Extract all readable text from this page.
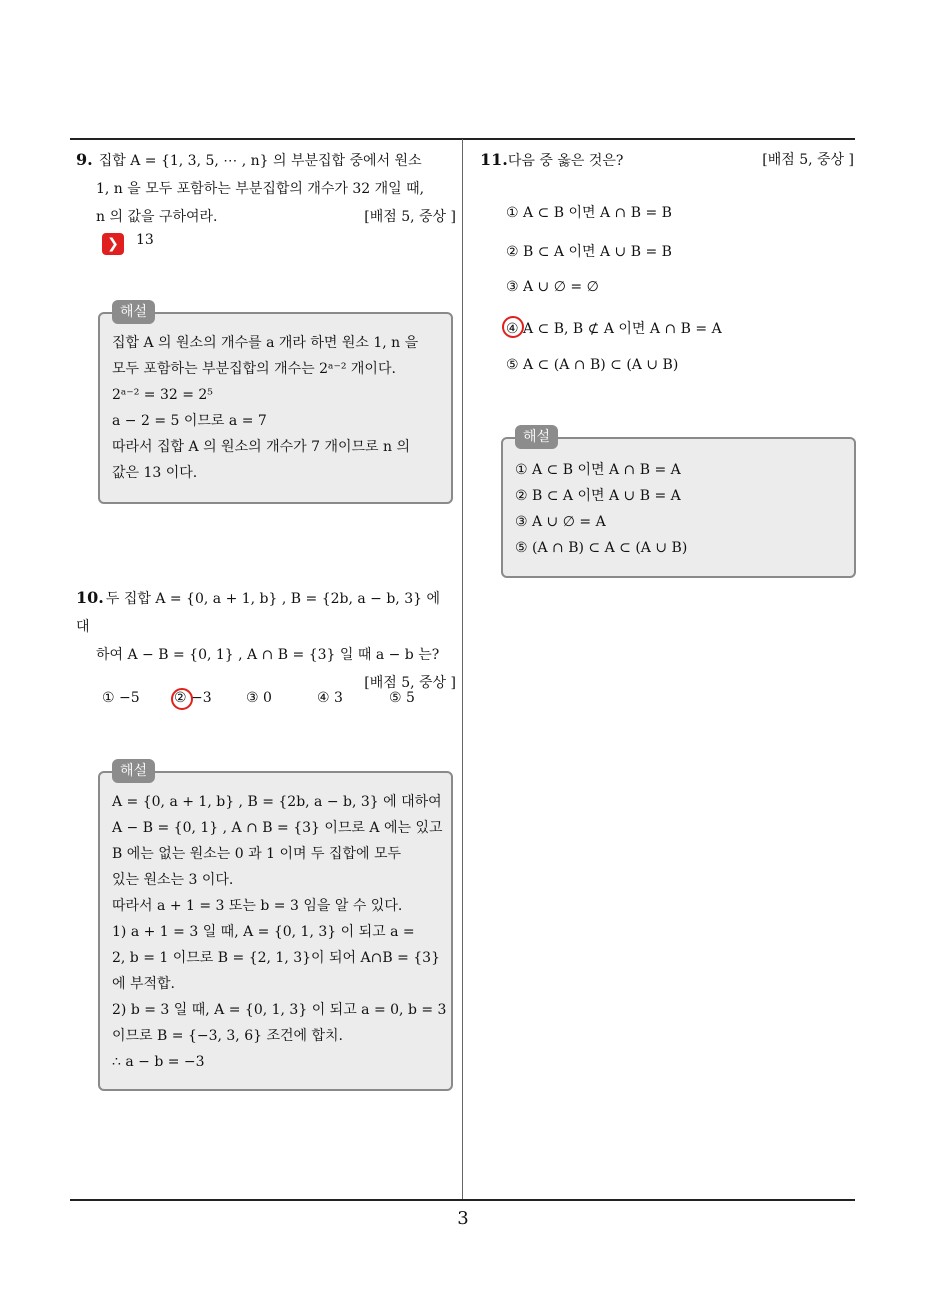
9. 집합 A = {1, 3, 5, ⋯ , n} 의 부분집합 중에서 원소
1, n 을 모두 포함하는 부분집합의 개수가 32 개일 때,
n 의 값을 구하여라.	[배점 5, 중상 ]
❯	13
해설
집합 A 의 원소의 개수를 a 개라 하면 원소 1, n 을
모두 포함하는 부분집합의 개수는 2ᵃ⁻² 개이다.
2ᵃ⁻² = 32 = 2⁵
a − 2 = 5 이므로 a = 7
따라서 집합 A 의 원소의 개수가 7 개이므로 n 의
값은 13 이다.
10. 두 집합 A = {0, a + 1, b} , B = {2b, a − b, 3} 에 대
하여 A − B = {0, 1} , A ∩ B = {3} 일 때 a − b 는?
[배점 5, 중상 ]
① −5 ② −3 ③ 0	④ 3	⑤ 5
해설
A = {0, a + 1, b} , B = {2b, a − b, 3} 에 대하여
A − B = {0, 1} , A ∩ B = {3} 이므로 A 에는 있고
B 에는 없는 원소는 0 과 1 이며 두 집합에 모두
있는 원소는 3 이다.
따라서 a + 1 = 3 또는 b = 3 임을 알 수 있다.
1) a + 1 = 3 일 때, A = {0, 1, 3} 이 되고 a =
2, b = 1 이므로 B = {2, 1, 3}이 되어 A∩B = {3}
에 부적합.
2) b = 3 일 때, A = {0, 1, 3} 이 되고 a = 0, b = 3
이므로 B = {−3, 3, 6} 조건에 합치.
∴ a − b = −3
11.다음 중 옳은 것은?	[배점 5, 중상 ]
① A ⊂ B 이면 A ∩ B = B
② B ⊂ A 이면 A ∪ B = B
③ A ∪ ∅ = ∅
④ A ⊂ B, B ⊄ A 이면 A ∩ B = A
⑤ A ⊂ (A ∩ B) ⊂ (A ∪ B)
해설
① A ⊂ B 이면 A ∩ B = A
② B ⊂ A 이면 A ∪ B = A
③ A ∪ ∅ = A
⑤ (A ∩ B) ⊂ A ⊂ (A ∪ B)
3
